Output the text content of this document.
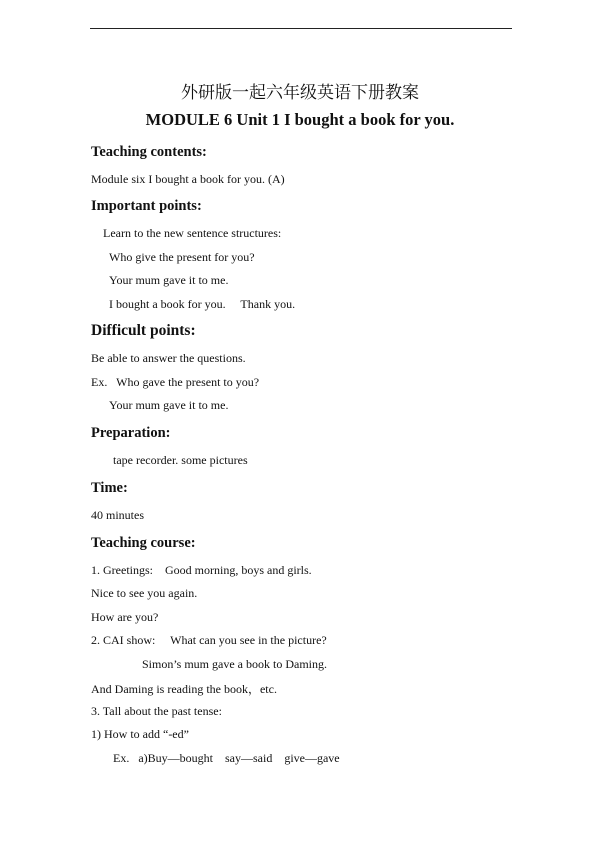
外研版一起六年级英语下册教案
MODULE 6 Unit 1 I bought a book for you.
Teaching contents:
Module six I bought a book for you. (A)
Important points:
Learn to the new sentence structures:
Who give the present for you?
Your mum gave it to me.
I bought a book for you.     Thank you.
Difficult points:
Be able to answer the questions.
Ex.   Who gave the present to you?
Your mum gave it to me.
Preparation:
tape recorder. some pictures
Time:
40 minutes
Teaching course:
1. Greetings:    Good morning, boys and girls.
Nice to see you again.
How are you?
2. CAI show:     What can you see in the picture?
Simon’s mum gave a book to Daming.
And Daming is reading the book，etc.
3. Tall about the past tense:
1) How to add “-ed”
Ex.   a)Buy—bought    say—said    give—gave
